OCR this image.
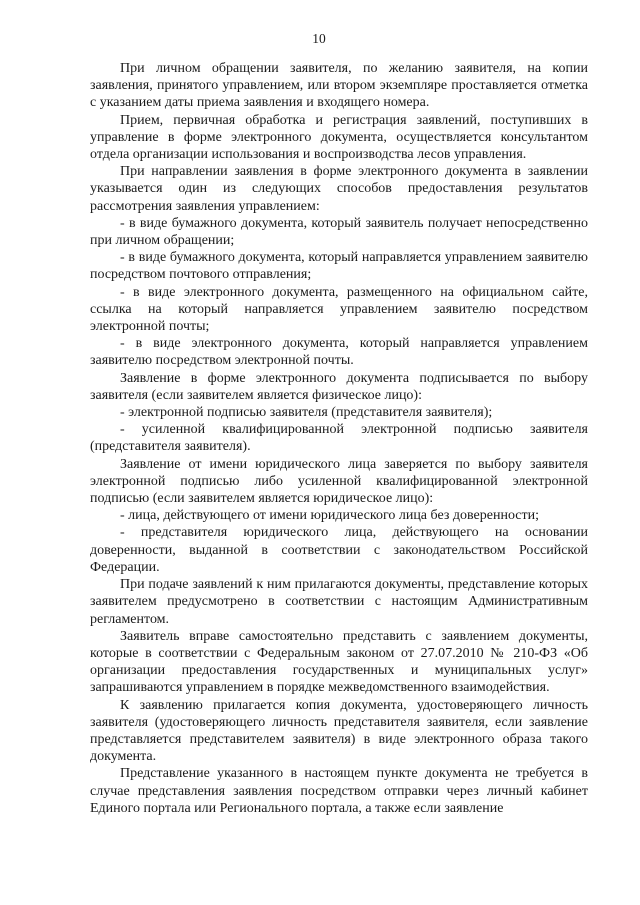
10

При личном обращении заявителя, по желанию заявителя, на копии заявления, принятого управлением, или втором экземпляре проставляется отметка с указанием даты приема заявления и входящего номера.

Прием, первичная обработка и регистрация заявлений, поступивших в управление в форме электронного документа, осуществляется консультантом отдела организации использования и воспроизводства лесов управления.

При направлении заявления в форме электронного документа в заявлении указывается один из следующих способов предоставления результатов рассмотрения заявления управлением:

- в виде бумажного документа, который заявитель получает непосредственно при личном обращении;

- в виде бумажного документа, который направляется управлением заявителю посредством почтового отправления;

- в виде электронного документа, размещенного на официальном сайте, ссылка на который направляется управлением заявителю посредством электронной почты;

- в виде электронного документа, который направляется управлением заявителю посредством электронной почты.

Заявление в форме электронного документа подписывается по выбору заявителя (если заявителем является физическое лицо):

- электронной подписью заявителя (представителя заявителя);

- усиленной квалифицированной электронной подписью заявителя (представителя заявителя).

Заявление от имени юридического лица заверяется по выбору заявителя электронной подписью либо усиленной квалифицированной электронной подписью (если заявителем является юридическое лицо):

- лица, действующего от имени юридического лица без доверенности;

- представителя юридического лица, действующего на основании доверенности, выданной в соответствии с законодательством Российской Федерации.

При подаче заявлений к ним прилагаются документы, представление которых заявителем предусмотрено в соответствии с настоящим Административным регламентом.

Заявитель вправе самостоятельно представить с заявлением документы, которые в соответствии с Федеральным законом от 27.07.2010 № 210-ФЗ «Об организации предоставления государственных и муниципальных услуг» запрашиваются управлением в порядке межведомственного взаимодействия.

К заявлению прилагается копия документа, удостоверяющего личность заявителя (удостоверяющего личность представителя заявителя, если заявление представляется представителем заявителя) в виде электронного образа такого документа.

Представление указанного в настоящем пункте документа не требуется в случае представления заявления посредством отправки через личный кабинет Единого портала или Регионального портала, а также если заявление
